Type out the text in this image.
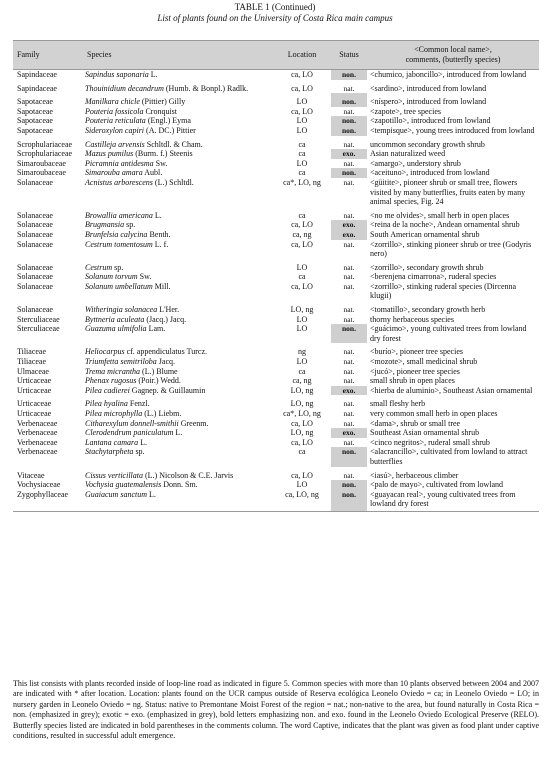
TABLE 1 (Continued)
List of plants found on the University of Costa Rica main campus
Family	Species	Location	Status	<Common local name>,
comments, (butterfly species)

Sapindaceae	Sapindus saponaria L.	ca, LO	non.	<chumico, jaboncillo>, introduced from lowland
Sapindaceae	Thouinidium decandrum (Humb. & Bonpl.) Radlk.	ca, LO	nat.	<sardino>, introduced from lowland
Sapotaceae	Manilkara chicle (Pittier) Gilly	LO	non.	<níspero>, introduced from lowland
Sapotaceae	Pouteria fossicola Cronquist	ca, LO	nat.	<zapote>, tree species
Sapotaceae	Pouteria reticulata (Engl.) Eyma	LO	non.	<zapotillo>, introduced from lowland
Sapotaceae	Sideroxylon capiri (A. DC.) Pittier	LO	non.	<tempisque>, young trees introduced from lowland
Scrophulariaceae	Castilleja arvensis Schltdl. & Cham.	ca	nat.	uncommon secondary growth shrub
Scrophulariaceae	Mazus pumilus (Burm. f.) Steenis	ca	exo.	Asian naturalized weed
Simaroubaceae	Picramnia antidesma Sw.	LO	nat.	<amargo>, understory shrub
Simaroubaceae	Simarouba amara Aubl.	ca	non.	<aceituno>, introduced from lowland
Solanaceae	Acnistus arborescens (L.) Schltdl.	ca*, LO, ng	nat.	<güitite>, pioneer shrub or small tree, flowers visited by many butterflies, fruits eaten by many animal species, Fig. 24
Solanaceae	Browallia americana L.	ca	nat.	<no me olvides>, small herb in open places
Solanaceae	Brugmansia sp.	ca, LO	exo.	<reina de la noche>, Andean ornamental shrub
Solanaceae	Brunfelsia calycina Benth.	ca, ng	exo.	South American ornamental shrub
Solanaceae	Cestrum tomentosum L. f.	ca, LO	nat.	<zorrillo>, stinking pioneer shrub or tree (Godyris nero)
Solanaceae	Cestrum sp.	LO	nat.	<zorrillo>, secondary growth shrub
Solanaceae	Solanum torvum Sw.	ca	nat.	<berenjena cimarrona>, ruderal species
Solanaceae	Solanum umbellatum Mill.	ca, LO	nat.	<zorrillo>, stinking ruderal species (Dircenna klugii)
Solanaceae	Witheringia solanacea L'Her.	LO, ng	nat.	<tomatillo>, secondary growth herb
Sterculiaceae	Byttneria aculeata (Jacq.) Jacq.	LO	nat.	thorny herbaceous species
Sterculiaceae	Guazuma ulmifolia Lam.	LO	non.	<guácimo>, young cultivated trees from lowland dry forest
Tiliaceae	Heliocarpus cf. appendiculatus Turcz.	ng	nat.	<burío>, pioneer tree species
Tiliaceae	Triumfetta semitriloba Jacq.	LO	nat.	<mozote>, small medicinal shrub
Ulmaceae	Trema micrantha (L.) Blume	ca	nat.	<jucó>, pioneer tree species
Urticaceae	Phenax rugosus (Poir.) Wedd.	ca, ng	nat.	small shrub in open places
Urticaceae	Pilea cadierei Gagnep. & Guillaumin	LO, ng	exo.	<hierba de aluminio>, Southeast Asian ornamental
Urticaceae	Pilea hyalina Fenzl.	LO, ng	nat.	small fleshy herb
Urticaceae	Pilea microphylla (L.) Liebm.	ca*, LO, ng	nat.	very common small herb in open places
Verbenaceae	Citharexylum donnell-smithii Greenm.	ca, LO	nat.	<dama>, shrub or small tree
Verbenaceae	Clerodendrum paniculatum L.	LO, ng	exo.	Southeast Asian ornamental shrub
Verbenaceae	Lantana camara L.	ca, LO	nat.	<cinco negritos>, ruderal small shrub
Verbenaceae	Stachytarpheta sp.	ca	non.	<alacrancillo>, cultivated from lowland to attract butterflies
Vitaceae	Cissus verticillata (L.) Nicolson & C.E. Jarvis	ca, LO	nat.	<iasú>, herbaceous climber
Vochysiaceae	Vochysia guatemalensis Donn. Sm.	LO	non.	<palo de mayo>, cultivated from lowland
Zygophyllaceae	Guaiacum sanctum L.	ca, LO, ng	non.	<guayacan real>, young cultivated trees from lowland dry forest
This list consists with plants recorded inside of loop-line road as indicated in figure 5. Common species with more than 10 plants observed between 2004 and 2007 are indicated with * after location. Location: plants found on the UCR campus outside of Reserva ecológica Leonelo Oviedo = ca; in Leonelo Oviedo = LO; in nursery garden in Leonelo Oviedo = ng. Status: native to Premontane Moist Forest of the region = nat.; non-native to the area, but found naturally in Costa Rica = non. (emphasized in grey); exotic = exo. (emphasized in grey), bold letters emphasizing non. and exo. found in the Leonelo Oviedo Ecological Preserve (RELO). Butterfly species listed are indicated in bold parentheses in the comments column. The word Captive, indicates that the plant was given as food plant under captive conditions, resulted in successful adult emergence.
